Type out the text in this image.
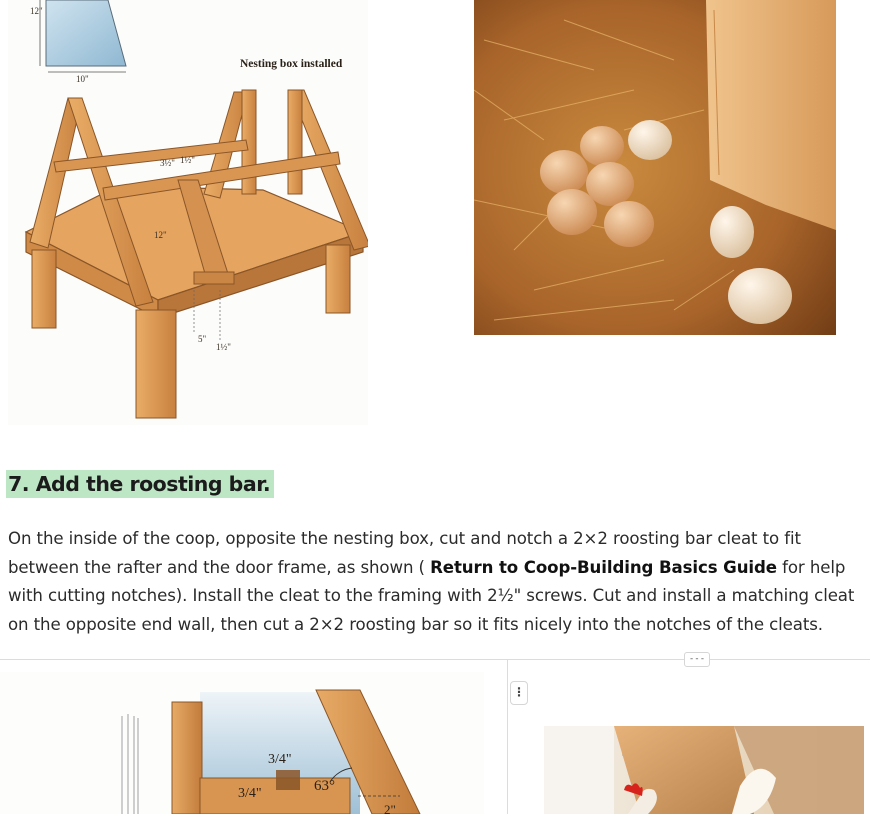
12"
10"
Nesting box installed
3½" 1½"
12"
5"
1½"
7. Add the roosting bar.

On the inside of the coop, opposite the nesting box, cut and notch a 2×2 roosting bar cleat to fit between the rafter and the door frame, as shown ( Return to Coop-Building Basics Guide for help with cutting notches). Install the cleat to the framing with 2½" screws. Cut and install a matching cleat on the opposite end wall, then cut a 2×2 roosting bar so it fits nicely into the notches of the cleats.

---
⋮
3/4"
3/4"	63°
2"
